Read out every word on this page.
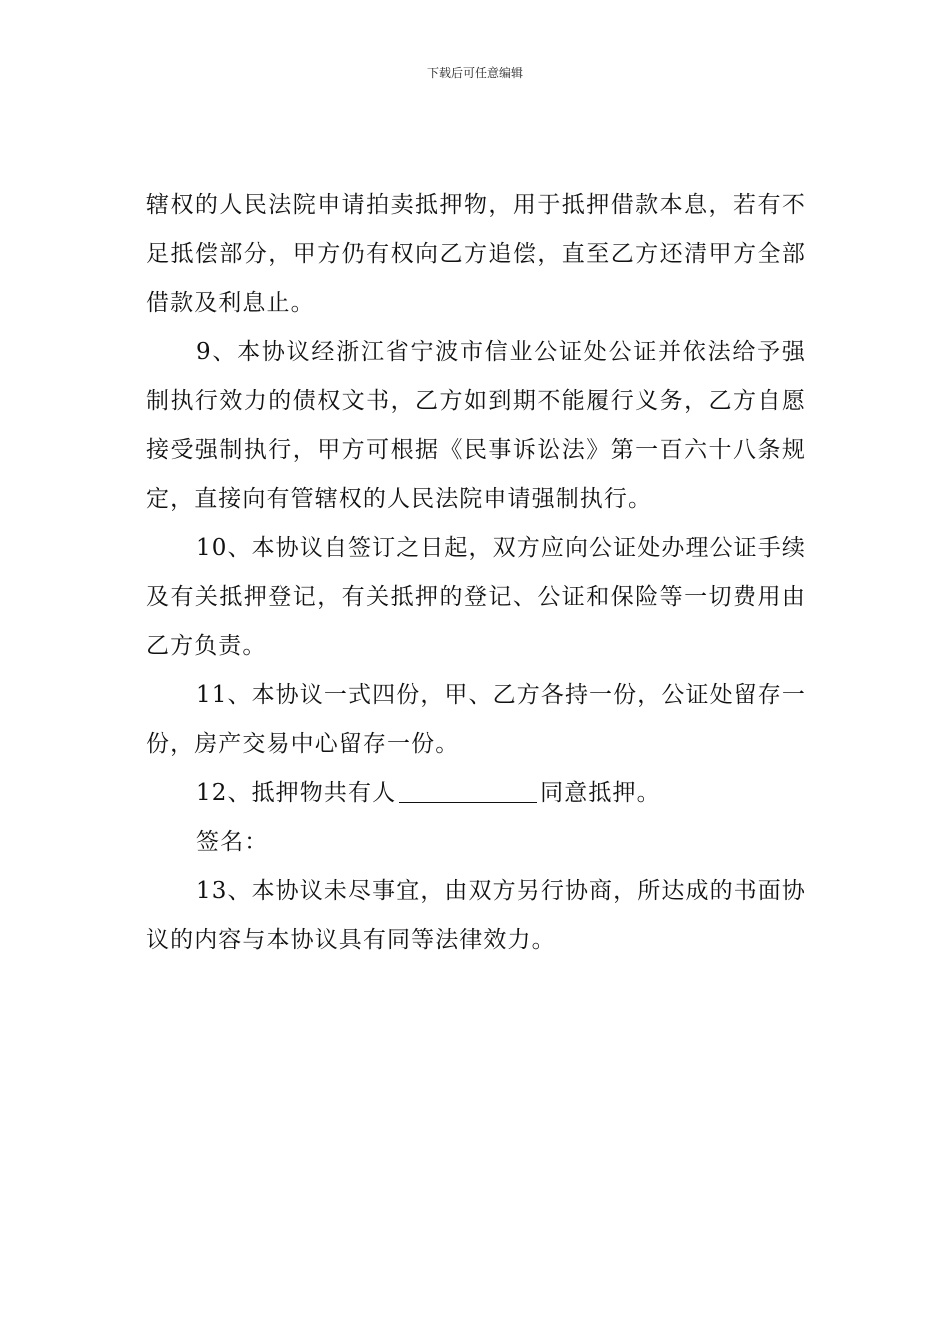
下载后可任意编辑

辖权的人民法院申请拍卖抵押物，用于抵押借款本息，若有不足抵偿部分，甲方仍有权向乙方追偿，直至乙方还清甲方全部借款及利息止。

9、本协议经浙江省宁波市信业公证处公证并依法给予强制执行效力的债权文书，乙方如到期不能履行义务，乙方自愿接受强制执行，甲方可根据《民事诉讼法》第一百六十八条规定，直接向有管辖权的人民法院申请强制执行。

10、本协议自签订之日起，双方应向公证处办理公证手续及有关抵押登记，有关抵押的登记、公证和保险等一切费用由乙方负责。

11、本协议一式四份，甲、乙方各持一份，公证处留存一份，房产交易中心留存一份。

12、抵押物共有人	同意抵押。

签名：

13、本协议未尽事宜，由双方另行协商，所达成的书面协议的内容与本协议具有同等法律效力。
